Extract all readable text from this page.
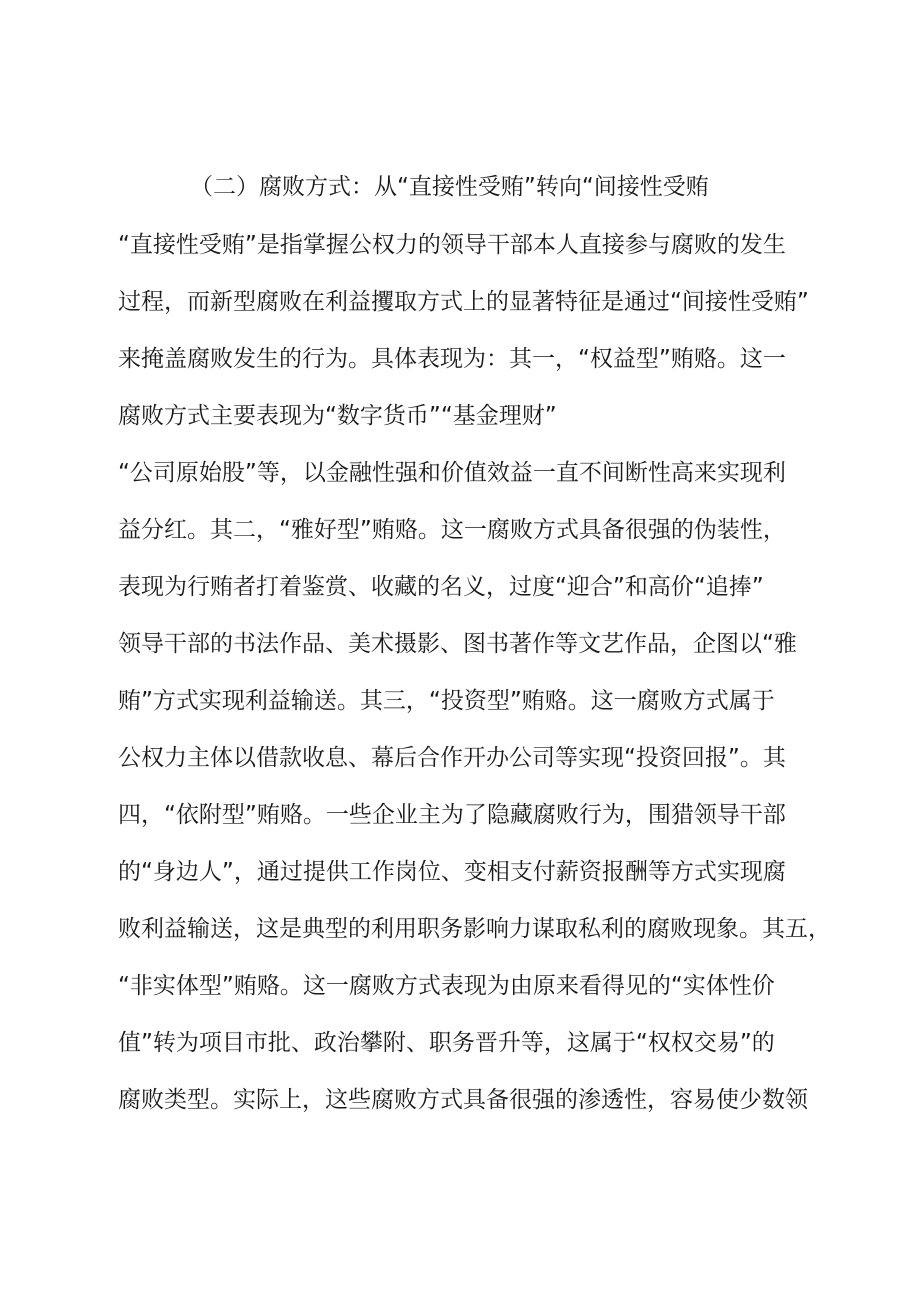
（二）腐败方式：从“直接性受贿”转向“间接性受贿
“直接性受贿”是指掌握公权力的领导干部本人直接参与腐败的发生
过程，而新型腐败在利益攫取方式上的显著特征是通过“间接性受贿”
来掩盖腐败发生的行为。具体表现为：其一，“权益型”贿赂。这一
腐败方式主要表现为“数字货币”“基金理财”
“公司原始股”等，以金融性强和价值效益一直不间断性高来实现利
益分红。其二，“雅好型”贿赂。这一腐败方式具备很强的伪装性，
表现为行贿者打着鉴赏、收藏的名义，过度“迎合”和高价“追捧”
领导干部的书法作品、美术摄影、图书著作等文艺作品，企图以“雅
贿”方式实现利益输送。其三，“投资型”贿赂。这一腐败方式属于
公权力主体以借款收息、幕后合作开办公司等实现“投资回报”。其
四，“依附型”贿赂。一些企业主为了隐藏腐败行为，围猎领导干部
的“身边人”，通过提供工作岗位、变相支付薪资报酬等方式实现腐
败利益输送，这是典型的利用职务影响力谋取私利的腐败现象。其五，
“非实体型”贿赂。这一腐败方式表现为由原来看得见的“实体性价
值”转为项目市批、政治攀附、职务晋升等，这属于“权权交易”的
腐败类型。实际上，这些腐败方式具备很强的渗透性，容易使少数领
